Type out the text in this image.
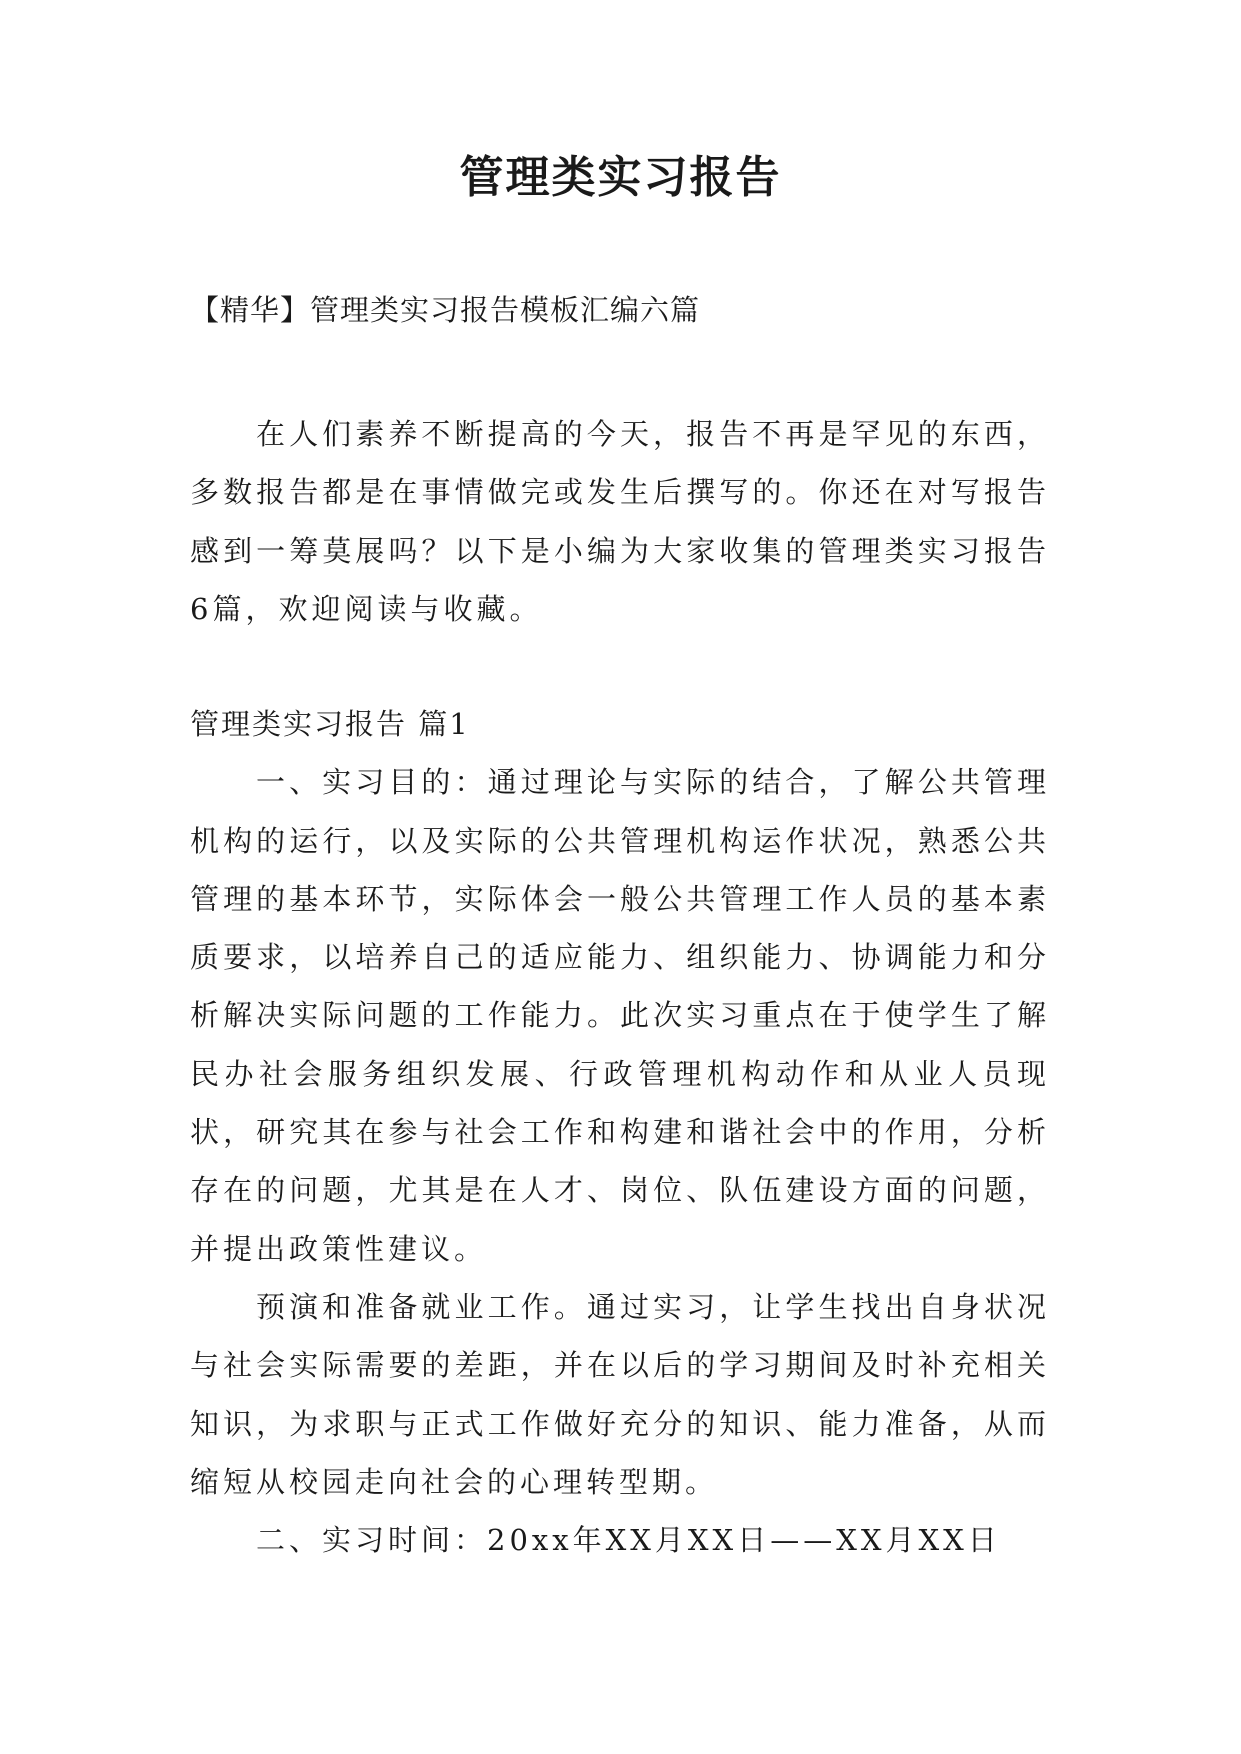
管理类实习报告
【精华】管理类实习报告模板汇编六篇

在人们素养不断提高的今天，报告不再是罕见的东西，多数报告都是在事情做完或发生后撰写的。你还在对写报告感到一筹莫展吗？以下是小编为大家收集的管理类实习报告6篇，欢迎阅读与收藏。

管理类实习报告 篇1

一、实习目的：通过理论与实际的结合，了解公共管理机构的运行，以及实际的公共管理机构运作状况，熟悉公共管理的基本环节，实际体会一般公共管理工作人员的基本素质要求，以培养自己的适应能力、组织能力、协调能力和分析解决实际问题的工作能力。此次实习重点在于使学生了解民办社会服务组织发展、行政管理机构动作和从业人员现状，研究其在参与社会工作和构建和谐社会中的作用，分析存在的问题，尤其是在人才、岗位、队伍建设方面的问题，并提出政策性建议。

预演和准备就业工作。通过实习，让学生找出自身状况与社会实际需要的差距，并在以后的学习期间及时补充相关知识，为求职与正式工作做好充分的知识、能力准备，从而缩短从校园走向社会的心理转型期。

二、实习时间：20xx年XX月XX日——XX月XX日
